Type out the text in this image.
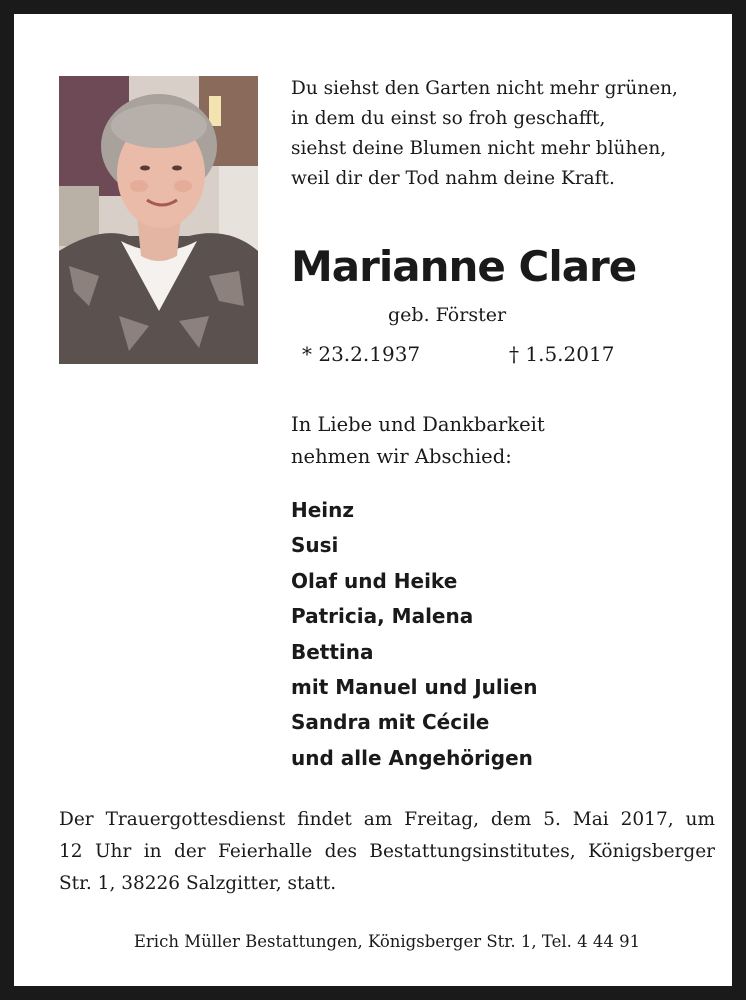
Du siehst den Garten nicht mehr grünen,
in dem du einst so froh geschafft,
siehst deine Blumen nicht mehr blühen,
weil dir der Tod nahm deine Kraft.
Marianne Clare
geb. Förster
* 23.2.1937	† 1.5.2017
In Liebe und Dankbarkeit
nehmen wir Abschied:
Heinz
Susi
Olaf und Heike
Patricia, Malena
Bettina
mit Manuel und Julien
Sandra mit Cécile
und alle Angehörigen
Der Trauergottesdienst findet am Freitag, dem 5. Mai 2017, um
12 Uhr in der Feierhalle des Bestattungsinstitutes, Königsberger
Str. 1, 38226 Salzgitter, statt.
Erich Müller Bestattungen, Königsberger Str. 1, Tel. 4 44 91
